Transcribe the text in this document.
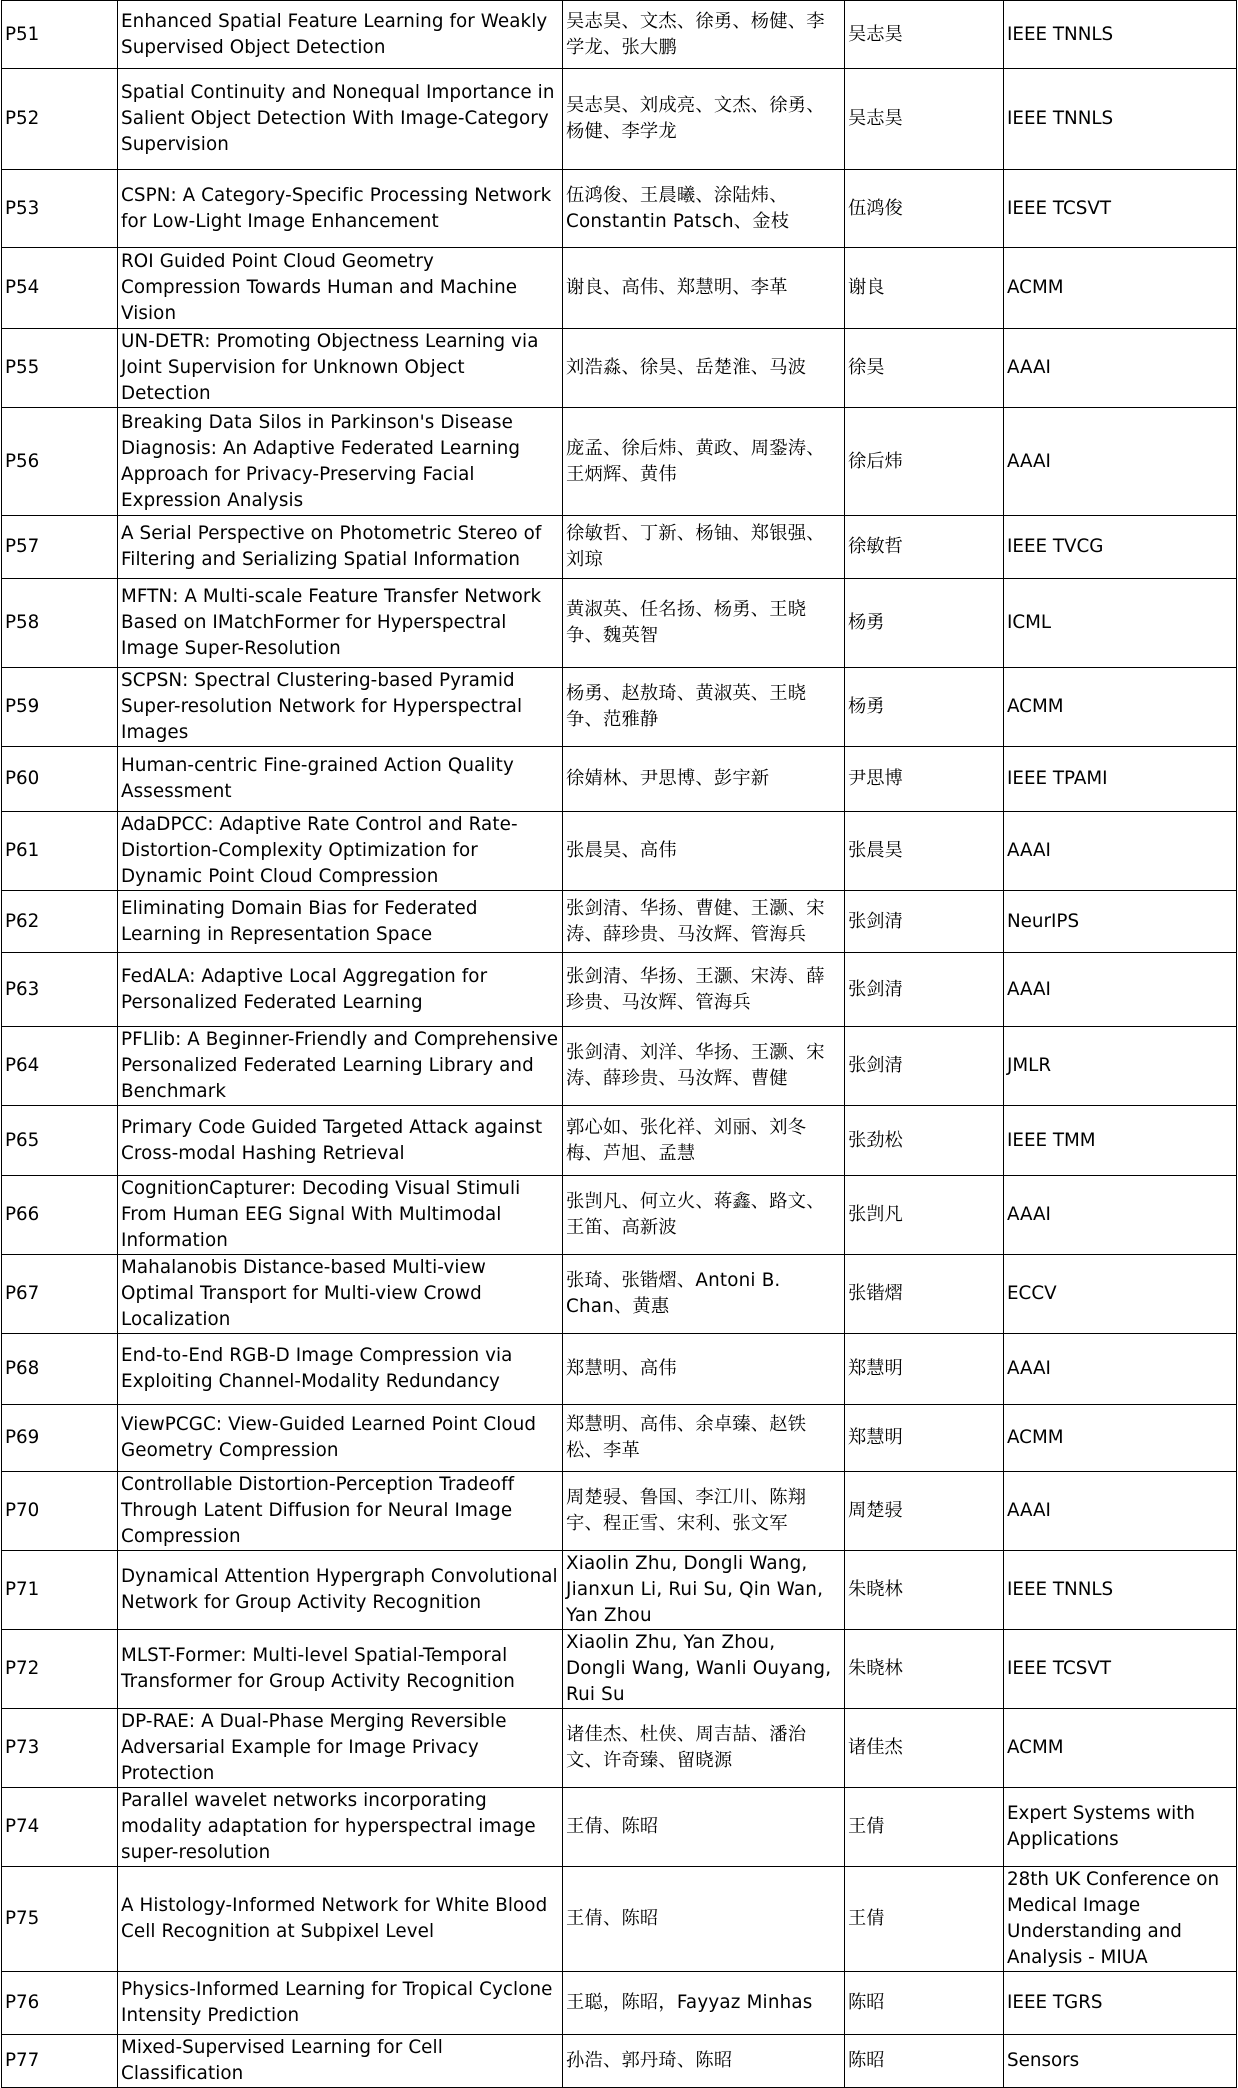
P51	Enhanced Spatial Feature Learning for Weakly Supervised Object Detection	吴志昊、文杰、徐勇、杨健、李学龙、张大鹏	吴志昊	IEEE TNNLS
P52	Spatial Continuity and Nonequal Importance in Salient Object Detection With Image-Category Supervision	吴志昊、刘成亮、文杰、徐勇、杨健、李学龙	吴志昊	IEEE TNNLS
P53	CSPN: A Category-Specific Processing Network for Low-Light Image Enhancement	伍鸿俊、王晨曦、涂陆炜、Constantin Patsch、金枝	伍鸿俊	IEEE TCSVT
P54	ROI Guided Point Cloud Geometry Compression Towards Human and Machine Vision	谢良、高伟、郑慧明、李革	谢良	ACMM
P55	UN-DETR: Promoting Objectness Learning via Joint Supervision for Unknown Object Detection	刘浩淼、徐昊、岳楚淮、马波	徐昊	AAAI
P56	Breaking Data Silos in Parkinson's Disease Diagnosis: An Adaptive Federated Learning Approach for Privacy-Preserving Facial Expression Analysis	庞孟、徐后炜、黄政、周銎涛、王炳辉、黄伟	徐后炜	AAAI
P57	A Serial Perspective on Photometric Stereo of Filtering and Serializing Spatial Information	徐敏哲、丁新、杨铀、郑银强、刘琼	徐敏哲	IEEE TVCG
P58	MFTN: A Multi-scale Feature Transfer Network Based on IMatchFormer for Hyperspectral Image Super-Resolution	黄淑英、任名扬、杨勇、王晓争、魏英智	杨勇	ICML
P59	SCPSN: Spectral Clustering-based Pyramid Super-resolution Network for Hyperspectral Images	杨勇、赵敖琦、黄淑英、王晓争、范雅静	杨勇	ACMM
P60	Human-centric Fine-grained Action Quality Assessment	徐婧林、尹思博、彭宇新	尹思博	IEEE TPAMI
P61	AdaDPCC: Adaptive Rate Control and Rate-Distortion-Complexity Optimization for Dynamic Point Cloud Compression	张晨昊、高伟	张晨昊	AAAI
P62	Eliminating Domain Bias for Federated Learning in Representation Space	张剑清、华扬、曹健、王灏、宋涛、薛珍贵、马汝辉、管海兵	张剑清	NeurIPS
P63	FedALA: Adaptive Local Aggregation for Personalized Federated Learning	张剑清、华扬、王灏、宋涛、薛珍贵、马汝辉、管海兵	张剑清	AAAI
P64	PFLlib: A Beginner-Friendly and Comprehensive Personalized Federated Learning Library and Benchmark	张剑清、刘洋、华扬、王灏、宋涛、薛珍贵、马汝辉、曹健	张剑清	JMLR
P65	Primary Code Guided Targeted Attack against Cross-modal Hashing Retrieval	郭心如、张化祥、刘丽、刘冬梅、芦旭、孟慧	张劲松	IEEE TMM
P66	CognitionCapturer: Decoding Visual Stimuli From Human EEG Signal With Multimodal Information	张剀凡、何立火、蒋鑫、路文、王笛、高新波	张剀凡	AAAI
P67	Mahalanobis Distance-based Multi-view Optimal Transport for Multi-view Crowd Localization	张琦、张锴熠、Antoni B. Chan、黄惠	张锴熠	ECCV
P68	End-to-End RGB-D Image Compression via Exploiting Channel-Modality Redundancy	郑慧明、高伟	郑慧明	AAAI
P69	ViewPCGC: View-Guided Learned Point Cloud Geometry Compression	郑慧明、高伟、余卓臻、赵铁松、李革	郑慧明	ACMM
P70	Controllable Distortion-Perception Tradeoff Through Latent Diffusion for Neural Image Compression	周楚骎、鲁国、李江川、陈翔宇、程正雪、宋利、张文军	周楚骎	AAAI
P71	Dynamical Attention Hypergraph Convolutional Network for Group Activity Recognition	Xiaolin Zhu, Dongli Wang, Jianxun Li, Rui Su, Qin Wan, Yan Zhou	朱晓林	IEEE TNNLS
P72	MLST-Former: Multi-level Spatial-Temporal Transformer for Group Activity Recognition	Xiaolin Zhu, Yan Zhou, Dongli Wang, Wanli Ouyang, Rui Su	朱晓林	IEEE TCSVT
P73	DP-RAE: A Dual-Phase Merging Reversible Adversarial Example for Image Privacy Protection	诸佳杰、杜侠、周吉喆、潘治文、许奇臻、留晓源	诸佳杰	ACMM
P74	Parallel wavelet networks incorporating modality adaptation for hyperspectral image super-resolution	王倩、陈昭	王倩	Expert Systems with Applications
P75	A Histology-Informed Network for White Blood Cell Recognition at Subpixel Level	王倩、陈昭	王倩	28th UK Conference on Medical Image Understanding and Analysis - MIUA
P76	Physics-Informed Learning for Tropical Cyclone Intensity Prediction	王聪，陈昭，Fayyaz Minhas	陈昭	IEEE TGRS
P77	Mixed-Supervised Learning for Cell Classification	孙浩、郭丹琦、陈昭	陈昭	Sensors
